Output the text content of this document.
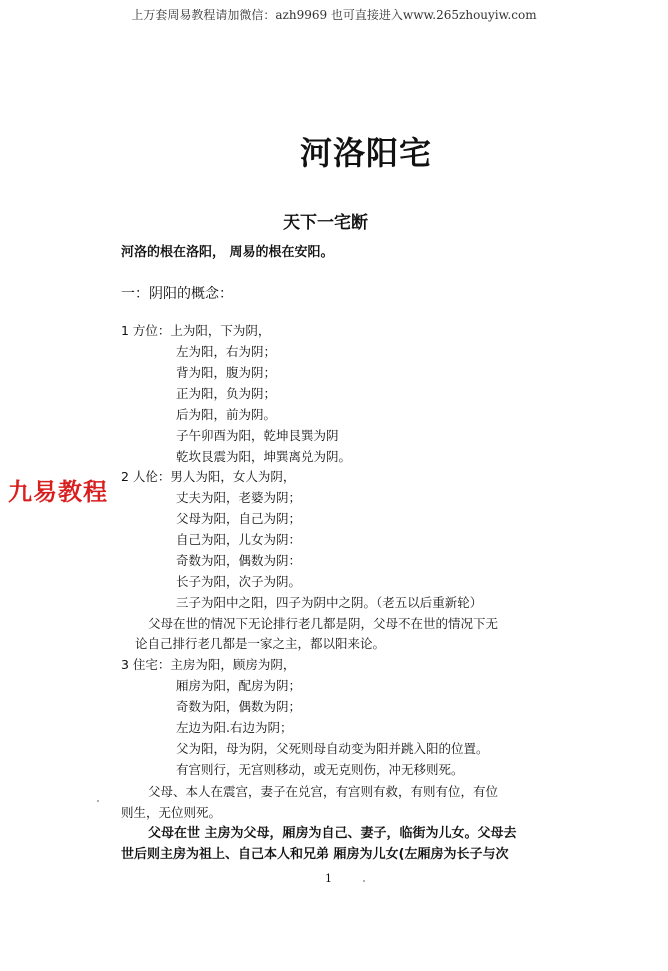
上万套周易教程请加微信：azh9969 也可直接进入www.265zhouyiw.com
河洛阳宅
天下一宅断
河洛的根在洛阳， 周易的根在安阳。
一：阴阳的概念：
1 方位：上为阳，下为阴，
左为阳，右为阴；
背为阳，腹为阴；
正为阳，负为阴；
后为阳，前为阴。
子午卯酉为阳，乾坤艮巽为阴
乾坎艮震为阳，坤巽离兑为阴。
2 人伦：男人为阳，女人为阴，
丈夫为阳，老婆为阴；
父母为阳，自己为阴；
自己为阳，儿女为阴：
奇数为阳，偶数为阴：
长子为阳，次子为阴。
三子为阳中之阳，四子为阴中之阴。（老五以后重新轮）
父母在世的情况下无论排行老几都是阴，父母不在世的情况下无
论自己排行老几都是一家之主，都以阳来论。
3 住宅：主房为阳，顾房为阴，
厢房为阳，配房为阴；
奇数为阳，偶数为阴；
左边为阳.右边为阴；
父为阳，母为阴，父死则母自动变为阳并跳入阳的位置。
有宫则行，无宫则移动，或无克则伤，冲无移则死。
父母、本人在震宫，妻子在兑宫，有宫则有救，有则有位，有位
则生，无位则死。
父母在世 主房为父母，厢房为自己、妻子，临街为儿女。父母去
世后则主房为祖上、自己本人和兄弟 厢房为儿女(左厢房为长子与次
九易教程
1
